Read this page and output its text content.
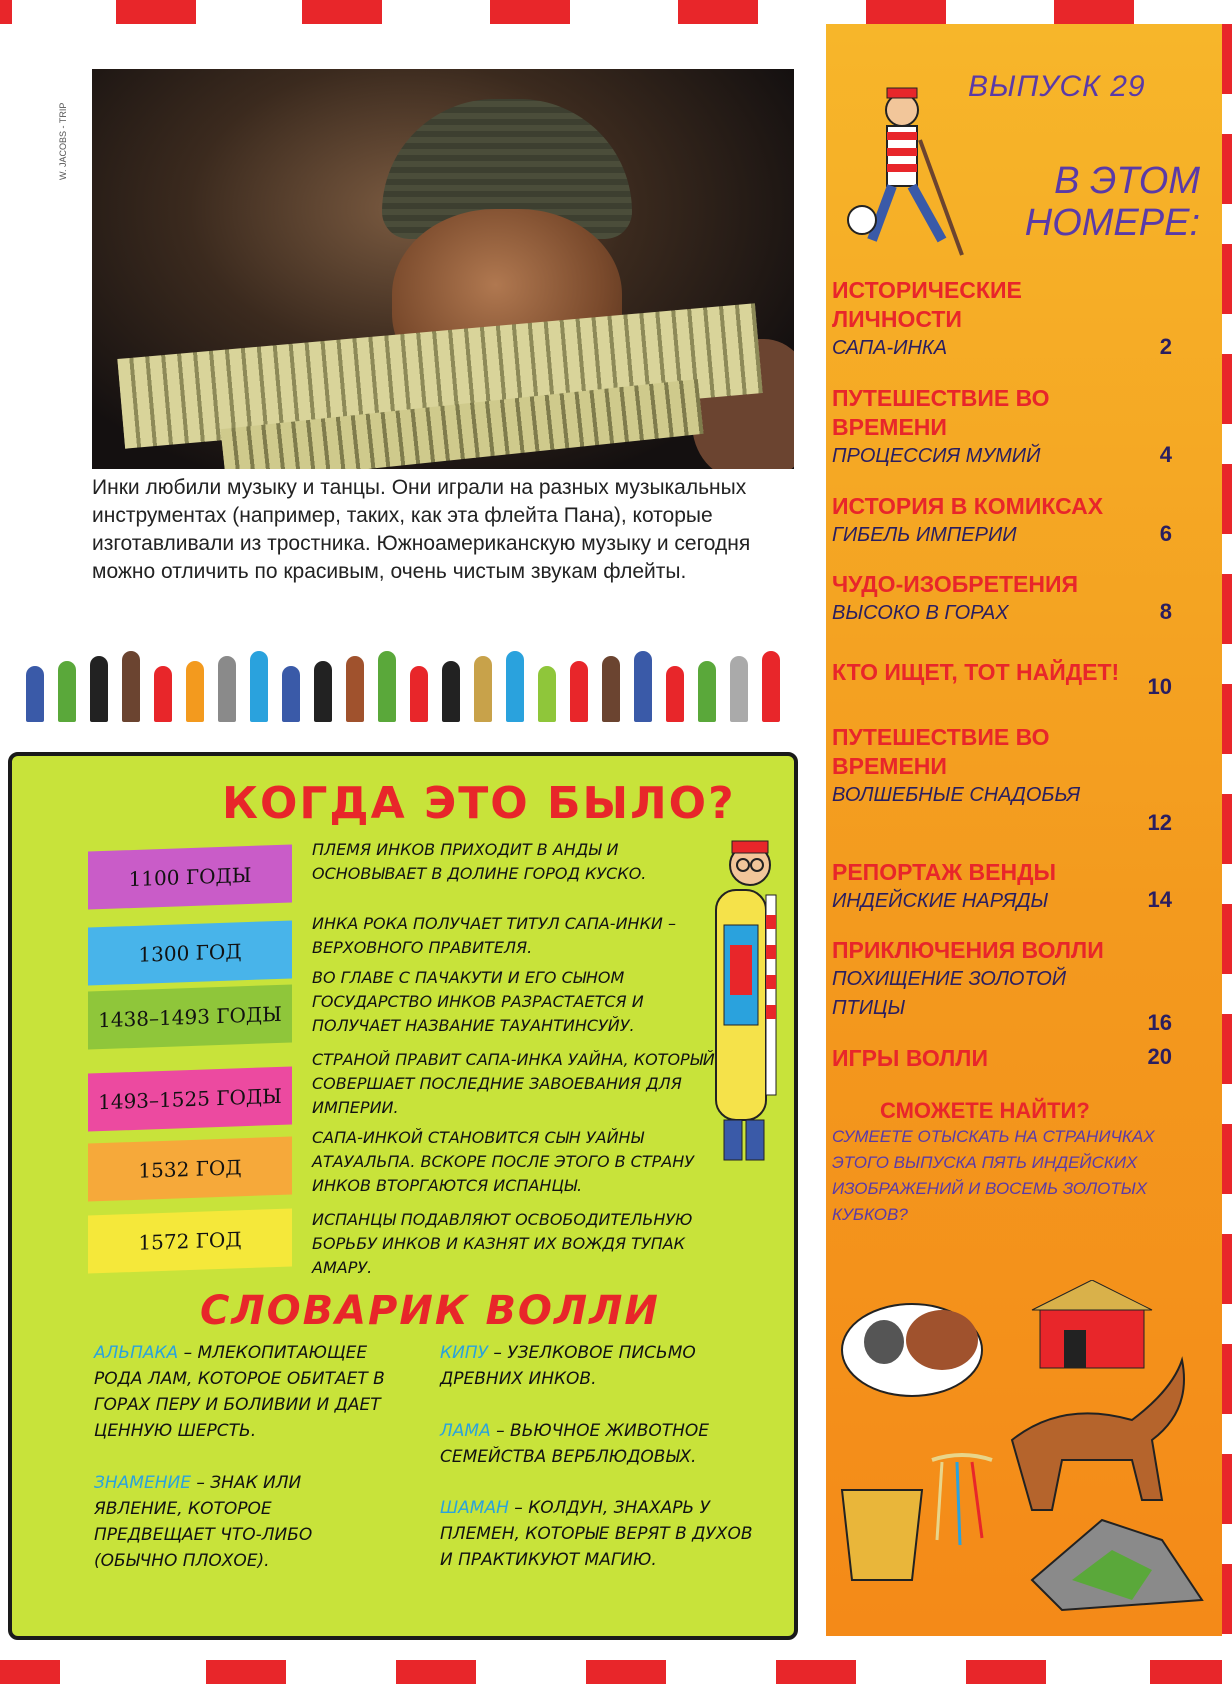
W. JACOBS - TRIP
Инки любили музыку и танцы. Они играли на разных музыкальных инструментах (например, таких, как эта флейта Пана), которые изготавливали из тростника. Южноамериканскую музыку и сегодня можно отличить по красивым, очень чистым звукам флейты.
КОГДА ЭТО БЫЛО?
1100 ГОДЫ
ПЛЕМЯ ИНКОВ ПРИХОДИТ В АНДЫ И ОСНОВЫВАЕТ В ДОЛИНЕ ГОРОД КУСКО.
1300 ГОД
ИНКА РОКА ПОЛУЧАЕТ ТИТУЛ САПА-ИНКИ – ВЕРХОВНОГО ПРАВИТЕЛЯ.
1438–1493 ГОДЫ
ВО ГЛАВЕ С ПАЧАКУТИ И ЕГО СЫНОМ ГОСУДАРСТВО ИНКОВ РАЗРАСТАЕТСЯ И ПОЛУЧАЕТ НАЗВАНИЕ ТАУАНТИНСУЙУ.
1493–1525 ГОДЫ
СТРАНОЙ ПРАВИТ САПА-ИНКА УАЙНА, КОТОРЫЙ СОВЕРШАЕТ ПОСЛЕДНИЕ ЗАВОЕВАНИЯ ДЛЯ ИМПЕРИИ.
1532 ГОД
САПА-ИНКОЙ СТАНОВИТСЯ СЫН УАЙНЫ АТАУАЛЬПА. ВСКОРЕ ПОСЛЕ ЭТОГО В СТРАНУ ИНКОВ ВТОРГАЮТСЯ ИСПАНЦЫ.
1572 ГОД
ИСПАНЦЫ ПОДАВЛЯЮТ ОСВОБОДИТЕЛЬНУЮ БОРЬБУ ИНКОВ И КАЗНЯТ ИХ ВОЖДЯ ТУПАК АМАРУ.
СЛОВАРИК ВОЛЛИ
АЛЬПАКА – МЛЕКОПИТАЮЩЕЕ РОДА ЛАМ, КОТОРОЕ ОБИТАЕТ В ГОРАХ ПЕРУ И БОЛИВИИ И ДАЕТ ЦЕННУЮ ШЕРСТЬ.
ЗНАМЕНИЕ – ЗНАК ИЛИ ЯВЛЕНИЕ, КОТОРОЕ ПРЕДВЕЩАЕТ ЧТО-ЛИБО (ОБЫЧНО ПЛОХОЕ).
КИПУ – УЗЕЛКОВОЕ ПИСЬМО ДРЕВНИХ ИНКОВ.
ЛАМА – ВЬЮЧНОЕ ЖИВОТНОЕ СЕМЕЙСТВА ВЕРБЛЮДОВЫХ.
ШАМАН – КОЛДУН, ЗНАХАРЬ У ПЛЕМЕН, КОТОРЫЕ ВЕРЯТ В ДУХОВ И ПРАКТИКУЮТ МАГИЮ.
ВЫПУСК 29
В ЭТОМ НОМЕРЕ:
ИСТОРИЧЕСКИЕ ЛИЧНОСТИ
САПА-ИНКА	2
ПУТЕШЕСТВИЕ ВО ВРЕМЕНИ
ПРОЦЕССИЯ МУМИЙ	4
ИСТОРИЯ В КОМИКСАХ
ГИБЕЛЬ ИМПЕРИИ	6
ЧУДО-ИЗОБРЕТЕНИЯ
ВЫСОКО В ГОРАХ	8
КТО ИЩЕТ, ТОТ НАЙДЕТ!
10
ПУТЕШЕСТВИЕ ВО ВРЕМЕНИ
ВОЛШЕБНЫЕ СНАДОБЬЯ
12
РЕПОРТАЖ ВЕНДЫ
ИНДЕЙСКИЕ НАРЯДЫ	14
ПРИКЛЮЧЕНИЯ ВОЛЛИ
ПОХИЩЕНИЕ ЗОЛОТОЙ ПТИЦЫ
16
ИГРЫ ВОЛЛИ	20
СМОЖЕТЕ НАЙТИ?
СУМЕЕТЕ ОТЫСКАТЬ НА СТРАНИЧКАХ ЭТОГО ВЫПУСКА ПЯТЬ ИНДЕЙСКИХ ИЗОБРАЖЕНИЙ И ВОСЕМЬ ЗОЛОТЫХ КУБКОВ?
